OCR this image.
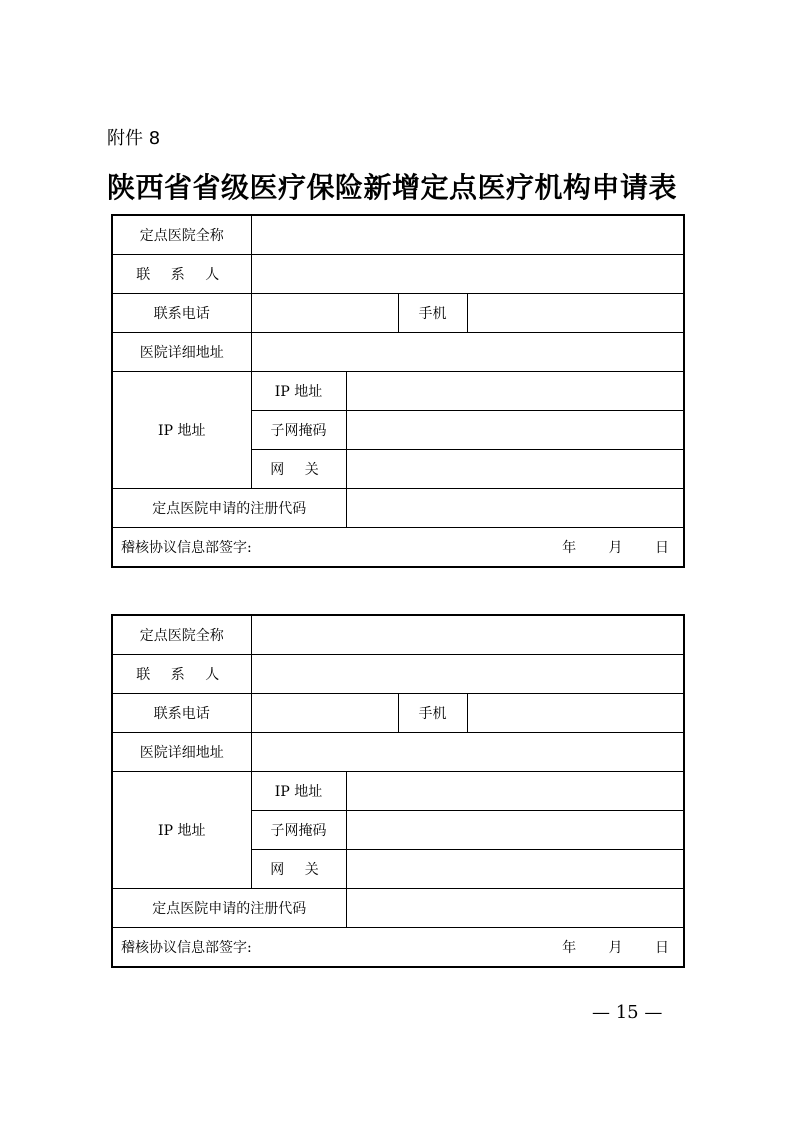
附件 8
陕西省省级医疗保险新增定点医疗机构申请表
定点医院全称				
联 系 人				
联系电话			手机	
医院详细地址				
IP 地址	IP 地址			
	子网掩码			
	网 关			
定点医院申请的注册代码				
稽核协议信息部签字: 年 月 日				
定点医院全称				
联 系 人				
联系电话			手机	
医院详细地址				
IP 地址	IP 地址			
	子网掩码			
	网 关			
定点医院申请的注册代码				
稽核协议信息部签字: 年 月 日				
— 15 —
